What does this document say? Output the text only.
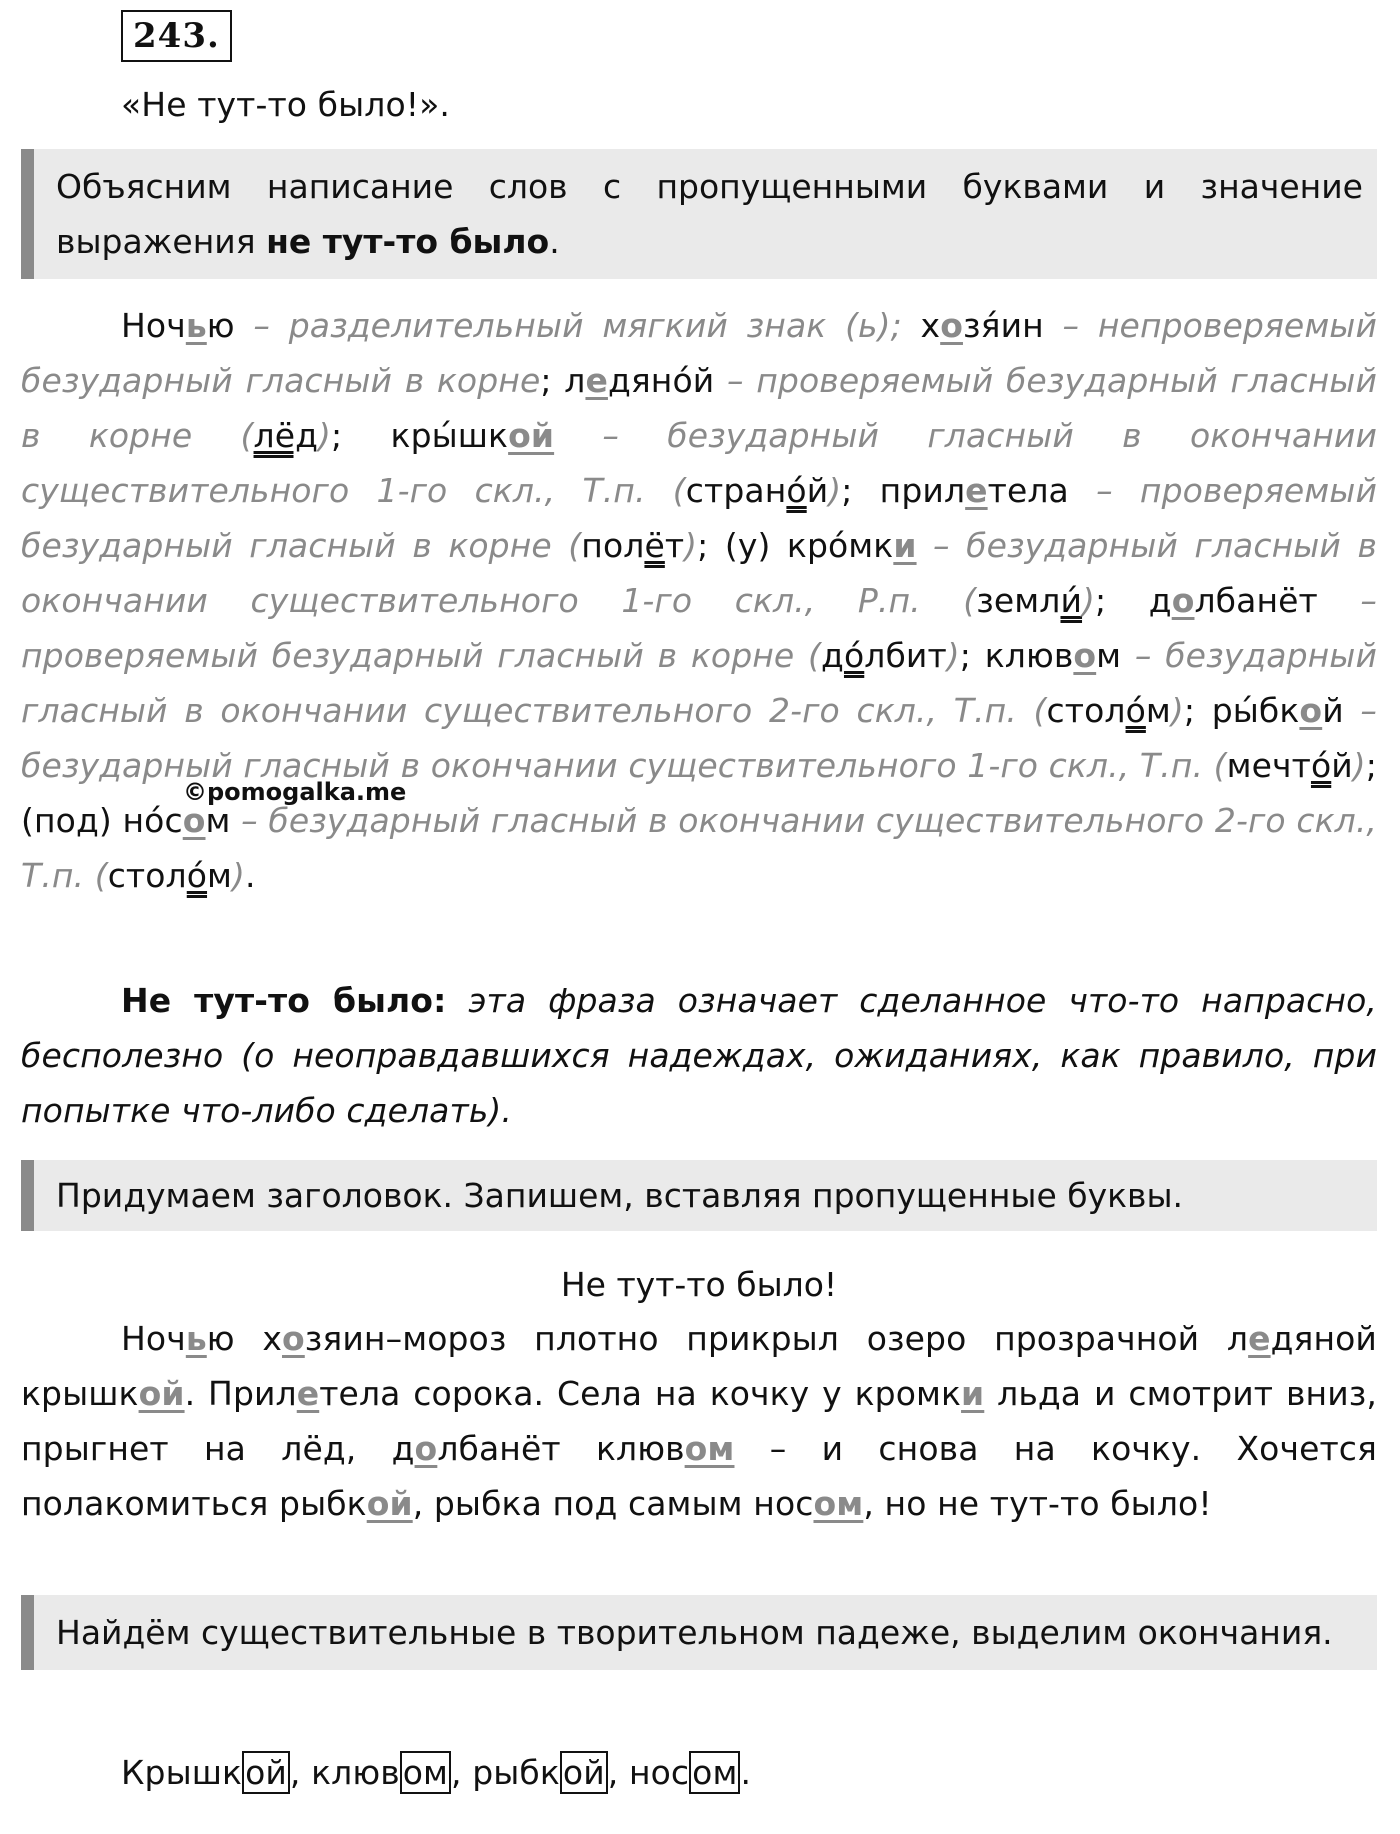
243.

«Не тут-то было!».

Объясним написание слов с пропущенными буквами и значение выражения не тут-то было.

Ночью – разделительный мягкий знак (ь); хозя́ин – непроверяемый безударный гласный в корне; ледяно́й – проверяемый безударный гласный в корне (лёд); кры́шкой – безударный гласный в окончании существительного 1-го скл., Т.п. (страно́й); прилетела – проверяемый безударный гласный в корне (полёт); (у) кро́мки – безударный гласный в окончании существительного 1-го скл., Р.п. (земли́); долбанёт – проверяемый безударный гласный в корне (до́лбит); клювом – безударный гласный в окончании существительного 2-го скл., Т.п. (столо́м); ры́бкой – безударный гласный в окончании существительного 1-го скл., Т.п. (мечто́й); (под) но́сом – безударный гласный в окончании существительного 2-го скл., Т.п. (столо́м).

Не тут-то было: эта фраза означает сделанное что-то напрасно, бесполезно (о неоправдавшихся надеждах, ожиданиях, как правило, при попытке что-либо сделать).

Придумаем заголовок. Запишем, вставляя пропущенные буквы.

Не тут-то было!

Ночью хозяин–мороз плотно прикрыл озеро прозрачной ледяной крышкой. Прилетела сорока. Села на кочку у кромки льда и смотрит вниз, прыгнет на лёд, долбанёт клювом – и снова на кочку. Хочется полакомиться рыбкой, рыбка под самым носом, но не тут-то было!

Найдём существительные в творительном падеже, выделим окончания.

Крышкой, клювом, рыбкой, носом.

©pomogalka.me
